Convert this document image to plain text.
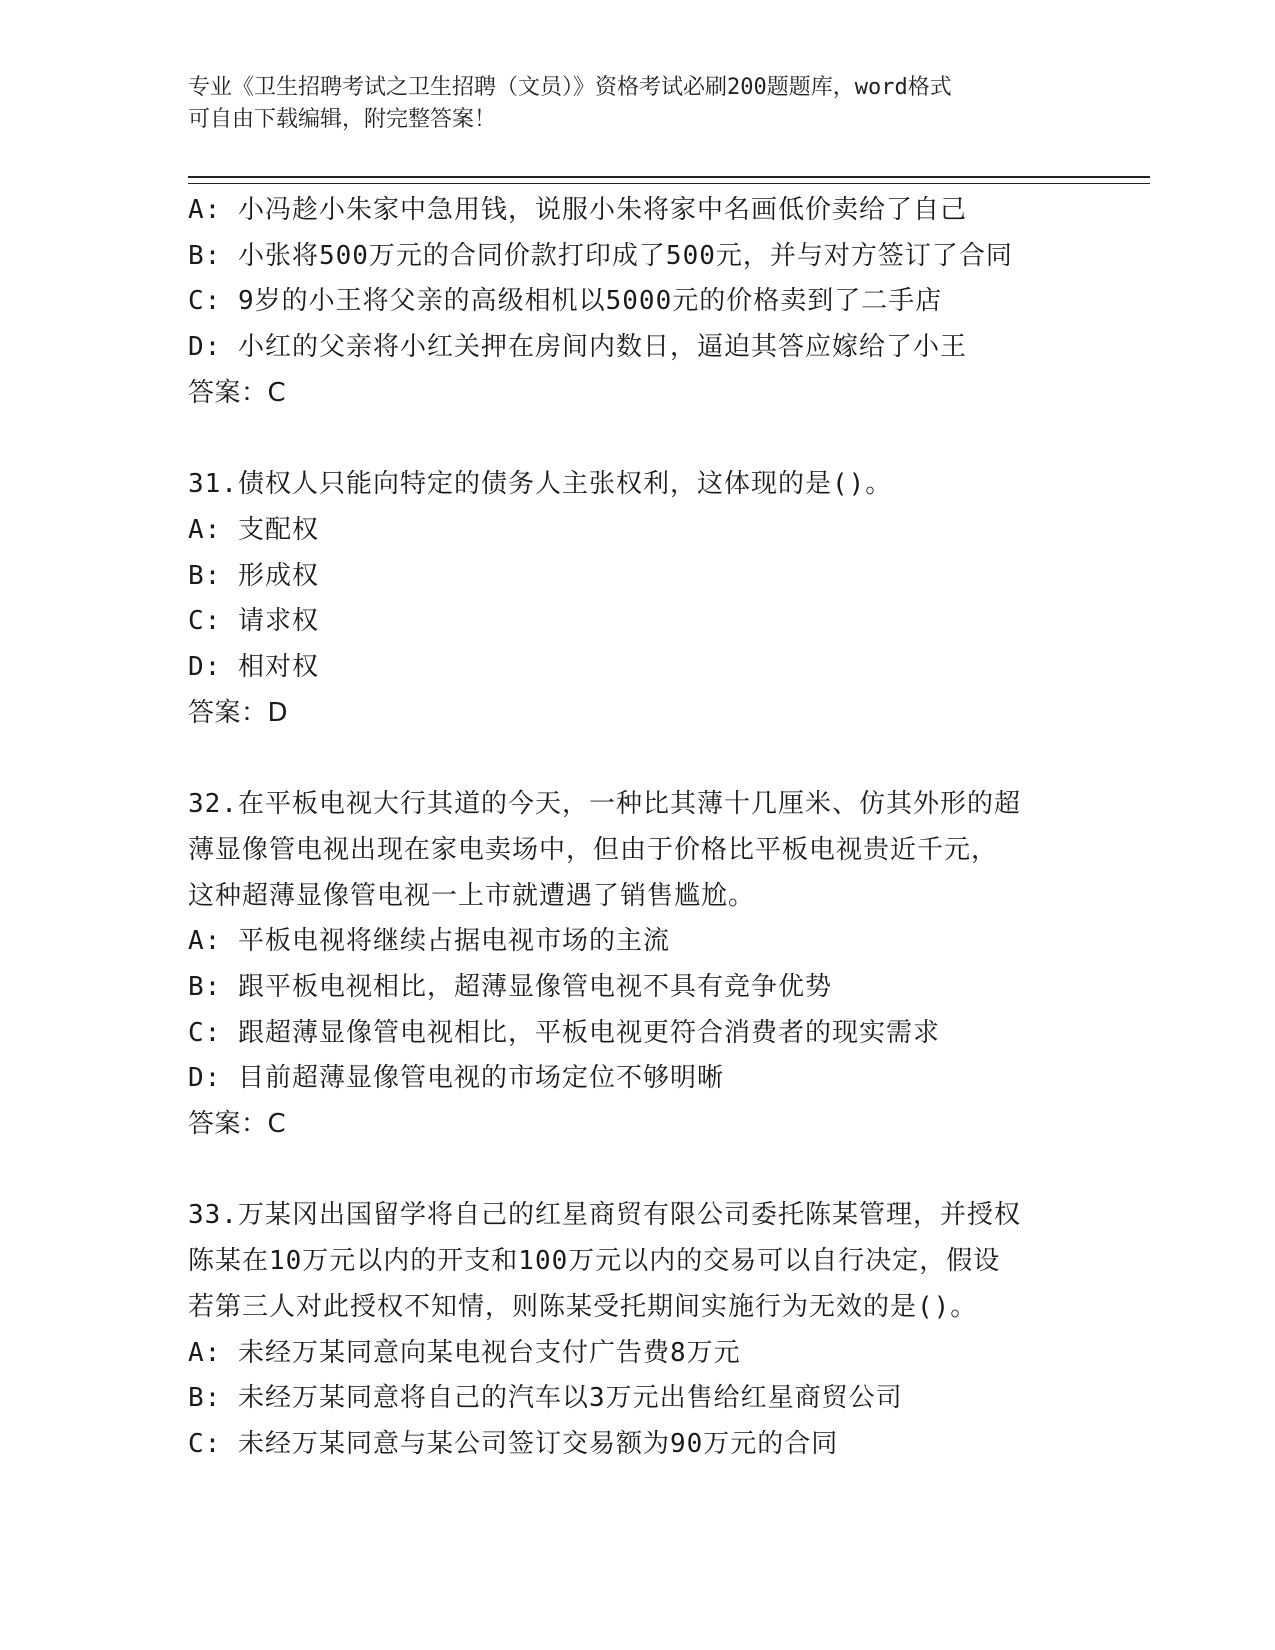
专业《卫生招聘考试之卫生招聘（文员）》资格考试必刷200题题库，word格式
可自由下载编辑，附完整答案！
A: 小冯趁小朱家中急用钱，说服小朱将家中名画低价卖给了自己
B: 小张将500万元的合同价款打印成了500元，并与对方签订了合同
C: 9岁的小王将父亲的高级相机以5000元的价格卖到了二手店
D: 小红的父亲将小红关押在房间内数日，逼迫其答应嫁给了小王
答案：C
31.债权人只能向特定的债务人主张权利，这体现的是()。
A: 支配权
B: 形成权
C: 请求权
D: 相对权
答案：D
32.在平板电视大行其道的今天，一种比其薄十几厘米、仿其外形的超
薄显像管电视出现在家电卖场中，但由于价格比平板电视贵近千元，
这种超薄显像管电视一上市就遭遇了销售尴尬。
A: 平板电视将继续占据电视市场的主流
B: 跟平板电视相比，超薄显像管电视不具有竞争优势
C: 跟超薄显像管电视相比，平板电视更符合消费者的现实需求
D: 目前超薄显像管电视的市场定位不够明晰
答案：C
33.万某冈出国留学将自己的红星商贸有限公司委托陈某管理，并授权
陈某在10万元以内的开支和100万元以内的交易可以自行决定，假设
若第三人对此授权不知情，则陈某受托期间实施行为无效的是()。
A: 未经万某同意向某电视台支付广告费8万元
B: 未经万某同意将自己的汽车以3万元出售给红星商贸公司
C: 未经万某同意与某公司签订交易额为90万元的合同
